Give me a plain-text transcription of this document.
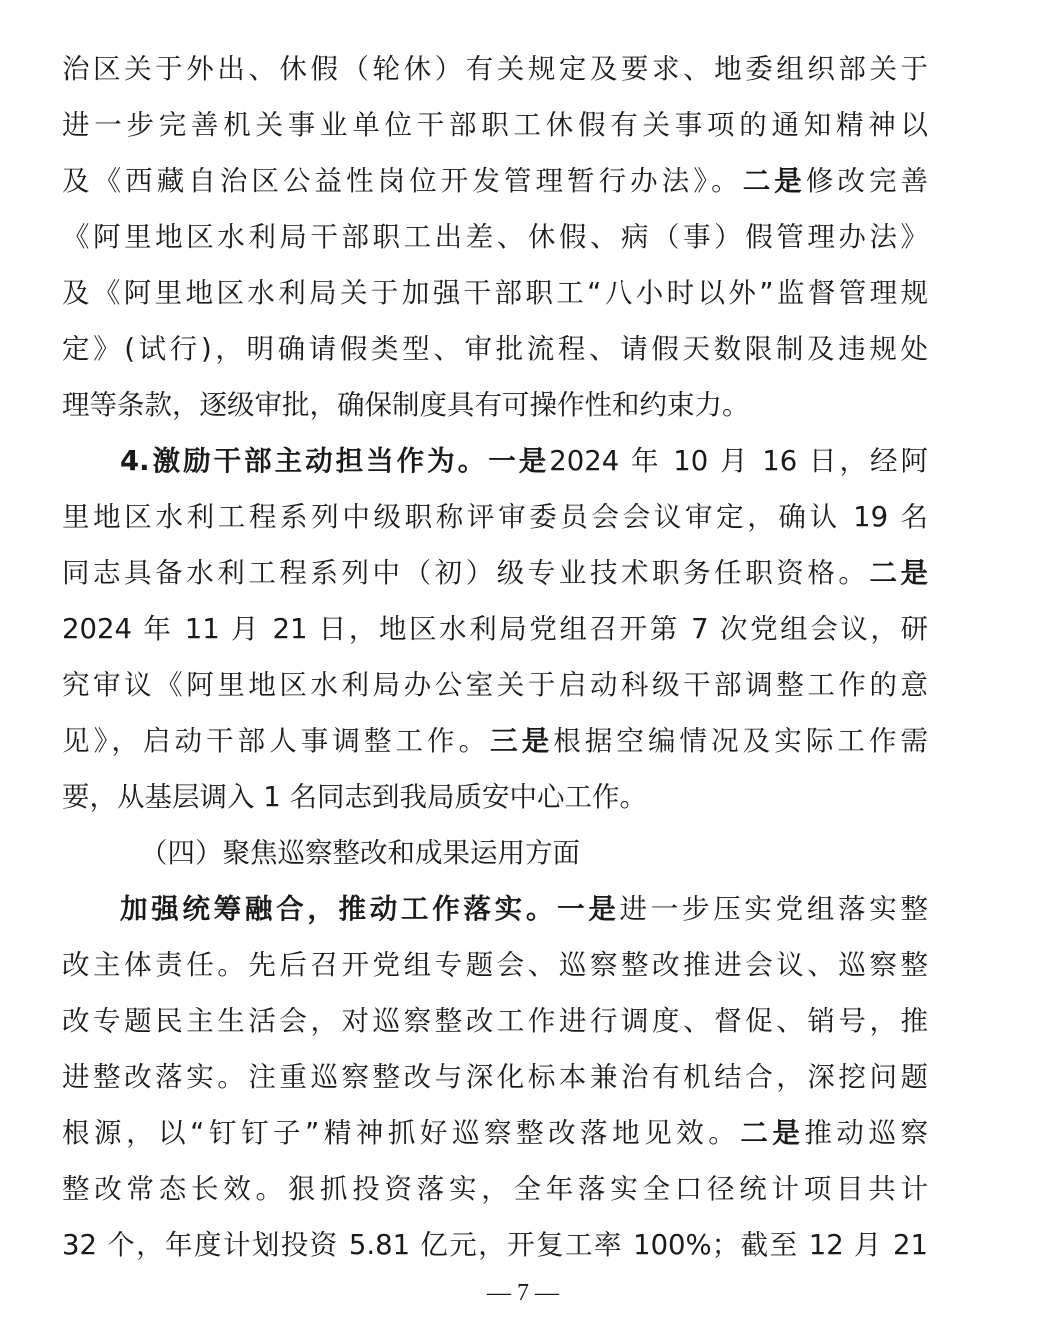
治区关于外出、休假（轮休）有关规定及要求、地委组织部关于
进一步完善机关事业单位干部职工休假有关事项的通知精神以
及《西藏自治区公益性岗位开发管理暂行办法》。二是修改完善
《阿里地区水利局干部职工出差、休假、病（事）假管理办法》
及《阿里地区水利局关于加强干部职工“八小时以外”监督管理规
定》(试行)，明确请假类型、审批流程、请假天数限制及违规处
理等条款，逐级审批，确保制度具有可操作性和约束力。
4.激励干部主动担当作为。一是2024 年 10 月 16 日，经阿
里地区水利工程系列中级职称评审委员会会议审定，确认 19 名
同志具备水利工程系列中（初）级专业技术职务任职资格。二是
2024 年 11 月 21 日，地区水利局党组召开第 7 次党组会议，研
究审议《阿里地区水利局办公室关于启动科级干部调整工作的意
见》，启动干部人事调整工作。三是根据空编情况及实际工作需
要，从基层调入 1 名同志到我局质安中心工作。
（四）聚焦巡察整改和成果运用方面
加强统筹融合，推动工作落实。一是进一步压实党组落实整
改主体责任。先后召开党组专题会、巡察整改推进会议、巡察整
改专题民主生活会，对巡察整改工作进行调度、督促、销号，推
进整改落实。注重巡察整改与深化标本兼治有机结合，深挖问题
根源，以“钉钉子”精神抓好巡察整改落地见效。二是推动巡察
整改常态长效。狠抓投资落实，全年落实全口径统计项目共计
32 个，年度计划投资 5.81 亿元，开复工率 100%；截至 12 月 21
— 7 —
